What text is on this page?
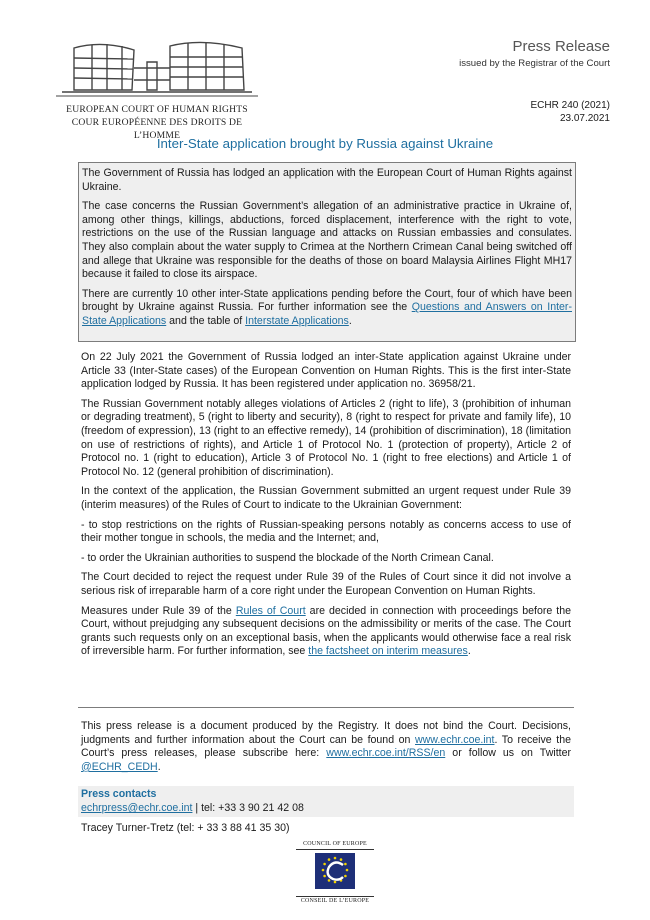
EUROPEAN COURT OF HUMAN RIGHTS
COUR EUROPÉENNE DES DROITS DE L’HOMME
Press Release
issued by the Registrar of the Court
ECHR 240 (2021)
23.07.2021
Inter-State application brought by Russia against Ukraine

The Government of Russia has lodged an application with the European Court of Human Rights against Ukraine.

The case concerns the Russian Government’s allegation of an administrative practice in Ukraine of, among other things, killings, abductions, forced displacement, interference with the right to vote, restrictions on the use of the Russian language and attacks on Russian embassies and consulates. They also complain about the water supply to Crimea at the Northern Crimean Canal being switched off and allege that Ukraine was responsible for the deaths of those on board Malaysia Airlines Flight MH17 because it failed to close its airspace.

There are currently 10 other inter-State applications pending before the Court, four of which have been brought by Ukraine against Russia. For further information see the Questions and Answers on Inter-State Applications and the table of Interstate Applications.

On 22 July 2021 the Government of Russia lodged an inter-State application against Ukraine under Article 33 (Inter-State cases) of the European Convention on Human Rights. This is the first inter-State application lodged by Russia. It has been registered under application no. 36958/21.

The Russian Government notably alleges violations of Articles 2 (right to life), 3 (prohibition of inhuman or degrading treatment), 5 (right to liberty and security), 8 (right to respect for private and family life), 10 (freedom of expression), 13 (right to an effective remedy), 14 (prohibition of discrimination), 18 (limitation on use of restrictions of rights), and Article 1 of Protocol No. 1 (protection of property), Article 2 of Protocol no. 1 (right to education), Article 3 of Protocol No. 1 (right to free elections) and Article 1 of Protocol No. 12 (general prohibition of discrimination).

In the context of the application, the Russian Government submitted an urgent request under Rule 39 (interim measures) of the Rules of Court to indicate to the Ukrainian Government:

- to stop restrictions on the rights of Russian-speaking persons notably as concerns access to use of their mother tongue in schools, the media and the Internet; and,

- to order the Ukrainian authorities to suspend the blockade of the North Crimean Canal.

The Court decided to reject the request under Rule 39 of the Rules of Court since it did not involve a serious risk of irreparable harm of a core right under the European Convention on Human Rights.

Measures under Rule 39 of the Rules of Court are decided in connection with proceedings before the Court, without prejudging any subsequent decisions on the admissibility or merits of the case. The Court grants such requests only on an exceptional basis, when the applicants would otherwise face a real risk of irreversible harm. For further information, see the factsheet on interim measures.

This press release is a document produced by the Registry. It does not bind the Court. Decisions, judgments and further information about the Court can be found on www.echr.coe.int. To receive the Court’s press releases, please subscribe here: www.echr.coe.int/RSS/en or follow us on Twitter @ECHR_CEDH.

Press contacts
echrpress@echr.coe.int | tel: +33 3 90 21 42 08
Tracey Turner-Tretz (tel: + 33 3 88 41 35 30)
COUNCIL OF EUROPE
CONSEIL DE L’EUROPE
